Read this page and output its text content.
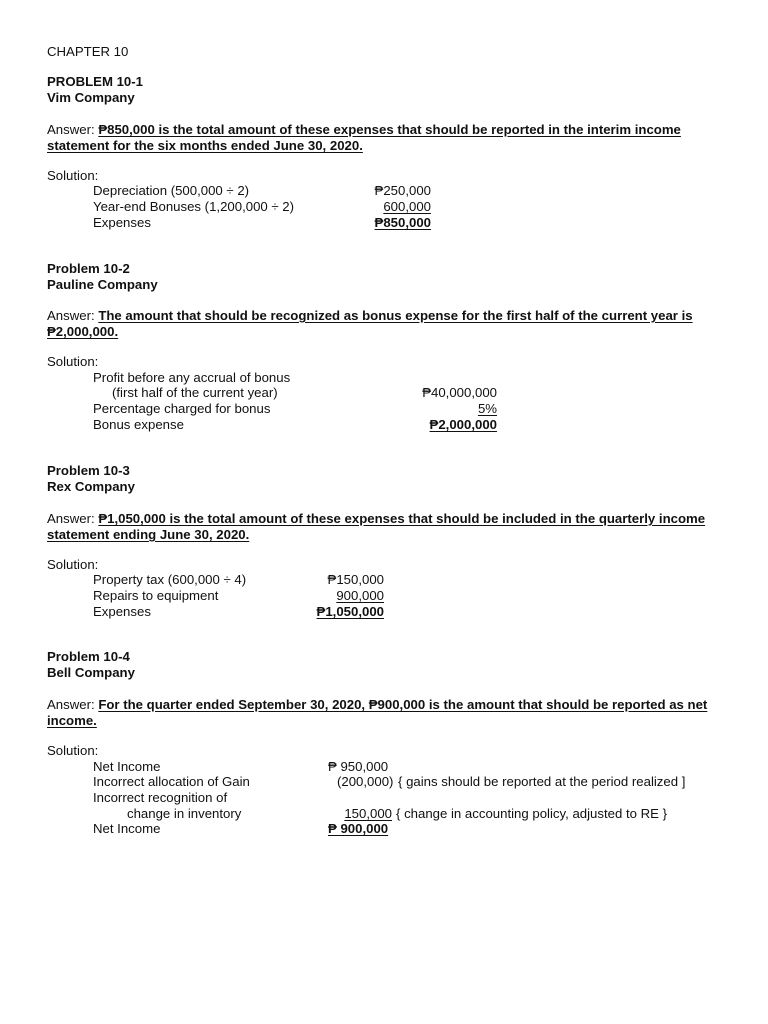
CHAPTER 10
PROBLEM 10-1
Vim Company
Answer: ₱850,000 is the total amount of these expenses that should be reported in the interim income statement for the six months ended June 30, 2020.
Solution:
Depreciation (500,000 ÷ 2)	₱250,000
Year-end Bonuses (1,200,000 ÷ 2)	600,000
Expenses	₱850,000
Problem 10-2
Pauline Company
Answer: The amount that should be recognized as bonus expense for the first half of the current year is ₱2,000,000.
Solution:
Profit before any accrual of bonus
(first half of the current year)	₱40,000,000
Percentage charged for bonus	5%
Bonus expense	₱2,000,000
Problem 10-3
Rex Company
Answer: ₱1,050,000 is the total amount of these expenses that should be included in the quarterly income statement ending June 30, 2020.
Solution:
Property tax (600,000 ÷ 4)	₱150,000
Repairs to equipment	900,000
Expenses	₱1,050,000
Problem 10-4
Bell Company
Answer: For the quarter ended September 30, 2020, ₱900,000 is the amount that should be reported as net income.
Solution:
Net Income	₱ 950,000
Incorrect allocation of Gain	(200,000) { gains should be reported at the period realized ]
Incorrect recognition of
change in inventory	150,000 { change in accounting policy, adjusted to RE }
Net Income	₱ 900,000
